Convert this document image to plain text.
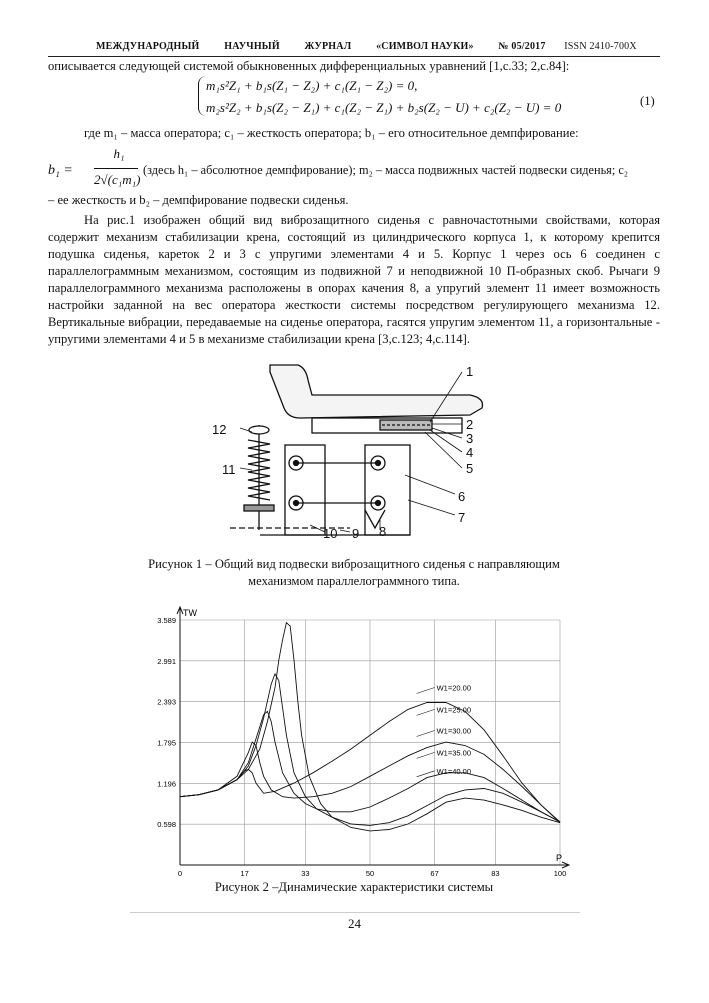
МЕЖДУНАРОДНЫЙ НАУЧНЫЙ ЖУРНАЛ «СИМВОЛ НАУКИ» № 05/2017 ISSN 2410-700X
описывается следующей системой обыкновенных дифференциальных уравнений [1,с.33; 2,с.84]:
m₁s²Z₁ + b₁s(Z₁ − Z₂) + c₁(Z₁ − Z₂) = 0,
m₂s²Z₂ + b₁s(Z₂ − Z₁) + c₁(Z₂ − Z₁) + b₂s(Z₂ − U) + c₂(Z₂ − U) = 0	(1)
где m₁ – масса оператора; c₁ – жесткость оператора; b₁ – его относительное демпфирование:
b₁ =
h₁
2√(c₁m₁)
(здесь h₁ – абсолютное демпфирование); m₂ – масса подвижных частей подвески сиденья; c₂
– ее жесткость и b₂ – демпфирование подвески сиденья.
На рис.1 изображен общий вид виброзащитного сиденья с равночастотными свойствами, которая содержит механизм стабилизации крена, состоящий из цилиндрического корпуса 1, к которому крепится подушка сиденья, кареток 2 и 3 с упругими элементами 4 и 5. Корпус 1 через ось 6 соединен с параллелограммным механизмом, состоящим из подвижной 7 и неподвижной 10 П-образных скоб. Рычаги 9 параллелограммного механизма расположены в опорах качения 8, а упругий элемент 11 имеет возможность настройки заданной на вес оператора жесткости системы посредством регулирующего механизма 12. Вертикальные вибрации, передаваемые на сиденье оператора, гасятся упругим элементом 11, а горизонтальные - упругими элементами 4 и 5 в механизме стабилизации крена [3,с.123; 4,с.114].
1
2
3
4
5
6
7
8
9
10
11
12
Рисунок 1 – Общий вид подвески виброзащитного сиденья с направляющим
механизмом параллелограммного типа.
TW
P
0	17	33	50	67	83	100
0.598
1.196
1.795
2.393
2.991
3.589
W1=20.00
W1=25.00
W1=30.00
W1=35.00
W1=40.00
Рисунок 2 –Динамические характеристики системы
24
